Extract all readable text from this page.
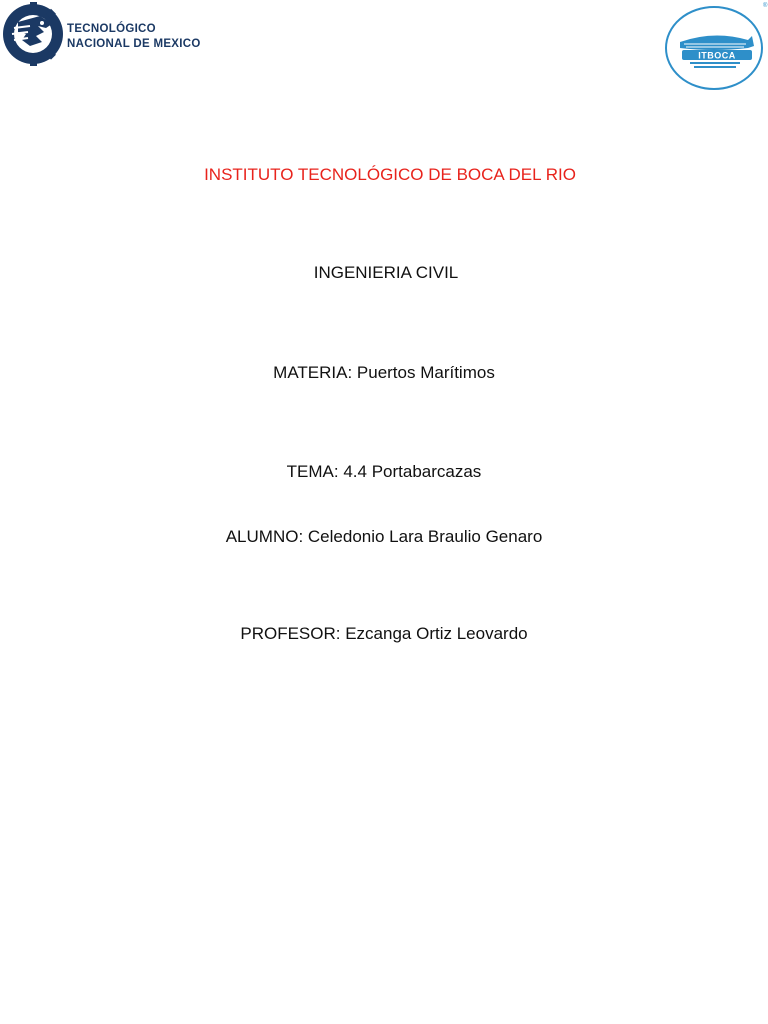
TECNOLÓGICO
NACIONAL DE MEXICO
ITBOCA
®
INSTITUTO TECNOLÓGICO DE BOCA DEL RIO
INGENIERIA CIVIL
MATERIA: Puertos Marítimos
TEMA: 4.4 Portabarcazas
ALUMNO: Celedonio Lara Braulio Genaro
PROFESOR: Ezcanga Ortiz Leovardo
